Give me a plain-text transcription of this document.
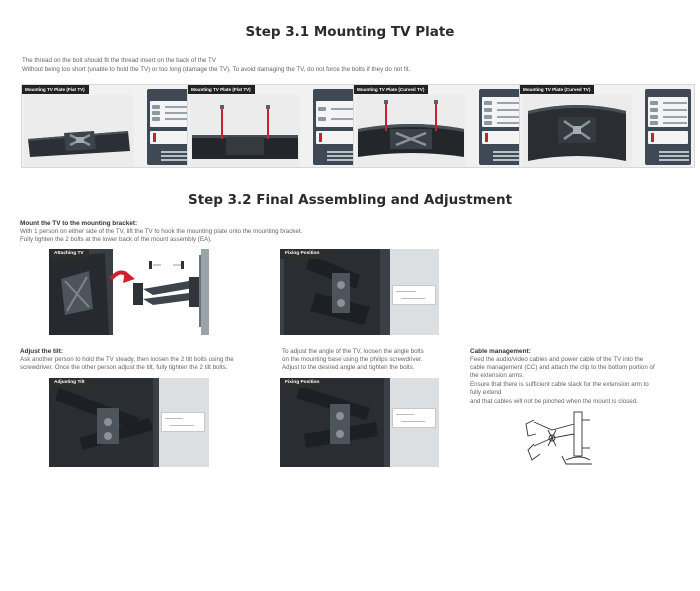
Step 3.1 Mounting TV Plate
The thread on the bolt should fit the thread insert on the back of the TV
Without being too short (unable to hold the TV) or too long (damage the TV). To avoid damaging the TV, do not force the bolts if they do not fit.
Mounting TV Plate (Flat TV)	Mounting TV Plate (Flat TV)	Mounting TV Plate (Curved TV)	Mounting TV Plate (Curved TV)
Step 3.2 Final Assembling and Adjustment
Mount the TV to the mounting bracket:
With 1 person on either side of the TV, lift the TV to hook the mounting plate onto the mounting bracket.
Fully tighten the 2 bolts at the lower back of the mount assembly (EA).
Attaching TV
	Fixing Position
Adjust the tilt:
Ask another person to hold the TV steady, then loosen the 2 tilt bolts using the
screwdriver. Once the other person adjust the tilt, fully tighten the 2 tilt bolts.
To adjust the angle of the TV, loosen the angle bolts
on the mounting base using the philips screwdriver.
Adjust to the desired angle and tighten the bolts.
Cable management:
Feed the audio/video cables and power cable of the TV into the
cable management (CC) and attach the clip to the bottom portion of
the extension arms.
Ensure that there is sufficient cable slack for the extension arm to
fully extend
and that cables will not be pinched when the mount is closed.
Adjusting Tilt	Fixing Position
